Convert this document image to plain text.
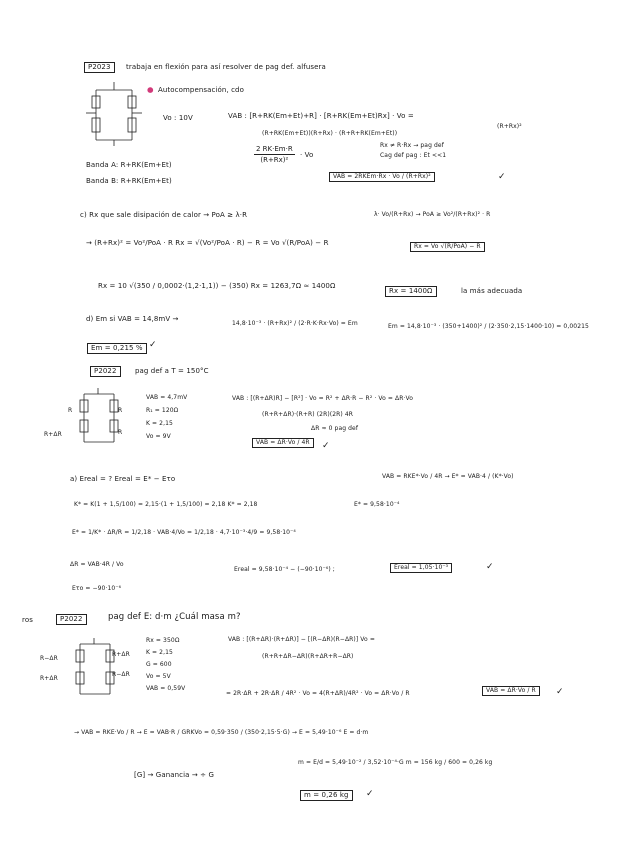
P2023	trabaja en flexión para así resolver de pag def. alfusera
● Autocompensación, cdo
Vo : 10V	VAB : [R+RK(Em+Et)+R] · [R+RK(Em+Et)Rx] · Vo =
(R+RK(Em+Et))(R+Rx) · (R+R+RK(Em+Et))
(R+Rx)²
Rx ≠ R·Rx → pag def
Cag def pag : Et <<1
$\frac{2 RK\cdot Em\cdot R}{\text{(R+Rx)²}} \cdot Vo$
Banda A: R+RK(Em+Et)
Banda B: R+RK(Em+Et)
VAB = 2RKEm·Rx · Vo / (R+Rx)²	✓
c) Rx que sale disipación de calor → PoA ≥ λ·R	λ· Vo/(R+Rx) → PoA ≥ Vo²/(R+Rx)² · R
→ (R+Rx)² = Vo²/PoA · R Rx = √(Vo²/PoA · R) − R = Vo √(R/PoA) − R	Rx = Vo √(R/PoA) − R
Rx = 10 √(350 / 0,0002·(1,2·1,1)) − (350) Rx = 1263,7Ω ≃ 1400Ω
Rx = 1400Ω	la más adecuada
d) Em si VAB = 14,8mV →
14,8·10⁻³ · (R+Rx)² / (2·R·K·Rx·Vo) = Em	Em = 14,8·10⁻³ · (350+1400)² / (2·350·2,15·1400·10) = 0,00215
Em = 0,215 % ✓
P2022	pag def a T = 150°C
R	R
R+ΔR	R
VAB = 4,7mV
R₁ = 120Ω
K = 2,15
Vo = 9V
VAB : [(R+ΔR)R] − [R²] · Vo = R² + ΔR·R − R² · Vo = ΔR·Vo
(R+R+ΔR)·(R+R) (2R)(2R) 4R
ΔR ≈ 0 pag def
VAB = ΔR·Vo / 4R	✓
a) Ereal = ? Ereal = E* − Eτo	VAB = RKE*·Vo / 4R → E* = VAB·4 / (K*·Vo)
K* = K(1 + 1,5/100) = 2,15·(1 + 1,5/100) = 2,18 K* = 2,18	E* = 9,58·10⁻⁴
E* = 1/K* · ΔR/R = 1/2,18 · VAB·4/Vo = 1/2,18 · 4,7·10⁻³·4/9 = 9,58·10⁻⁴
ΔR = VAB·4R / Vo
Eτo = −90·10⁻⁶
Ereal = 9,58·10⁻⁴ − (−90·10⁻⁶) ;	Ereal = 1,05·10⁻³	✓
ros	P2022	pag def E: d·m ¿Cuál masa m?
R−ΔR
R+ΔR
R+ΔR
R−ΔR
Rx = 350Ω
K = 2,15
G = 600
Vo = 5V
VAB = 0,59V
VAB : [(R+ΔR)·(R+ΔR)] − [(R−ΔR)(R−ΔR)] Vo =
(R+R+ΔR−ΔR)(R+ΔR+R−ΔR)
= 2R·ΔR + 2R·ΔR / 4R² · Vo = 4(R+ΔR)/4R² · Vo = ΔR·Vo / R	VAB = ΔR·Vo / R	✓
→ VAB = RKE·Vo / R → E = VAB·R / GRKVo = 0,59·350 / (350·2,15·5·G) → E = 5,49·10⁻⁶ E = d·m
m = E/d = 5,49·10⁻² / 3,52·10⁻⁴·G m = 156 kg / 600 = 0,26 kg
[G] → Ganancia → ÷ G
m = 0,26 kg	✓
